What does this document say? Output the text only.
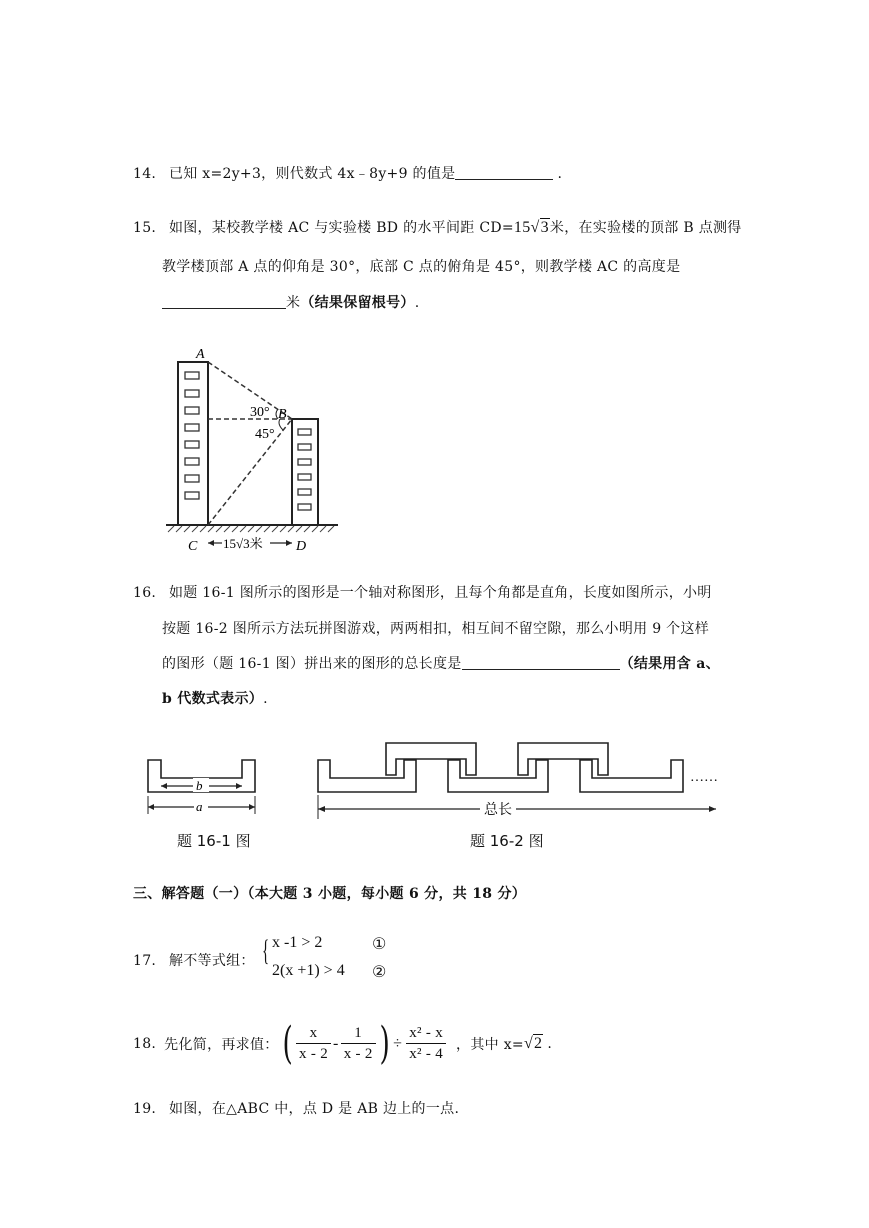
14. 已知 x=2y+3，则代数式 4x﹣8y+9 的值是	.
15. 如图，某校教学楼 AC 与实验楼 BD 的水平间距 CD=15√3米，在实验楼的顶部 B 点测得
教学楼顶部 A 点的仰角是 30°，底部 C 点的俯角是 45°，则教学楼 AC 的高度是
米（结果保留根号）.
A
B
C	D
30°
45°
15√3米
16. 如题 16-1 图所示的图形是一个轴对称图形，且每个角都是直角，长度如图所示，小明
按题 16-2 图所示方法玩拼图游戏，两两相扣，相互间不留空隙，那么小明用 9 个这样
的图形（题 16-1 图）拼出来的图形的总长度是	（结果用含 a、
b 代数式表示）.
b
a
题 16-1 图
……
总长
题 16-2 图
三、解答题（一）（本大题 3 小题，每小题 6 分，共 18 分）
17. 解不等式组： { x -1 > 2
2(x +1) > 4
①
②
18. 先化简，再求值： ( $\frac{x}{x - 2} - \frac{1}{x - 2}$ ) ÷ $\frac{\text{x² - x}}{\text{x² - 4}}$ ，其中 x= √2 .
19. 如图，在△ABC 中，点 D 是 AB 边上的一点.
